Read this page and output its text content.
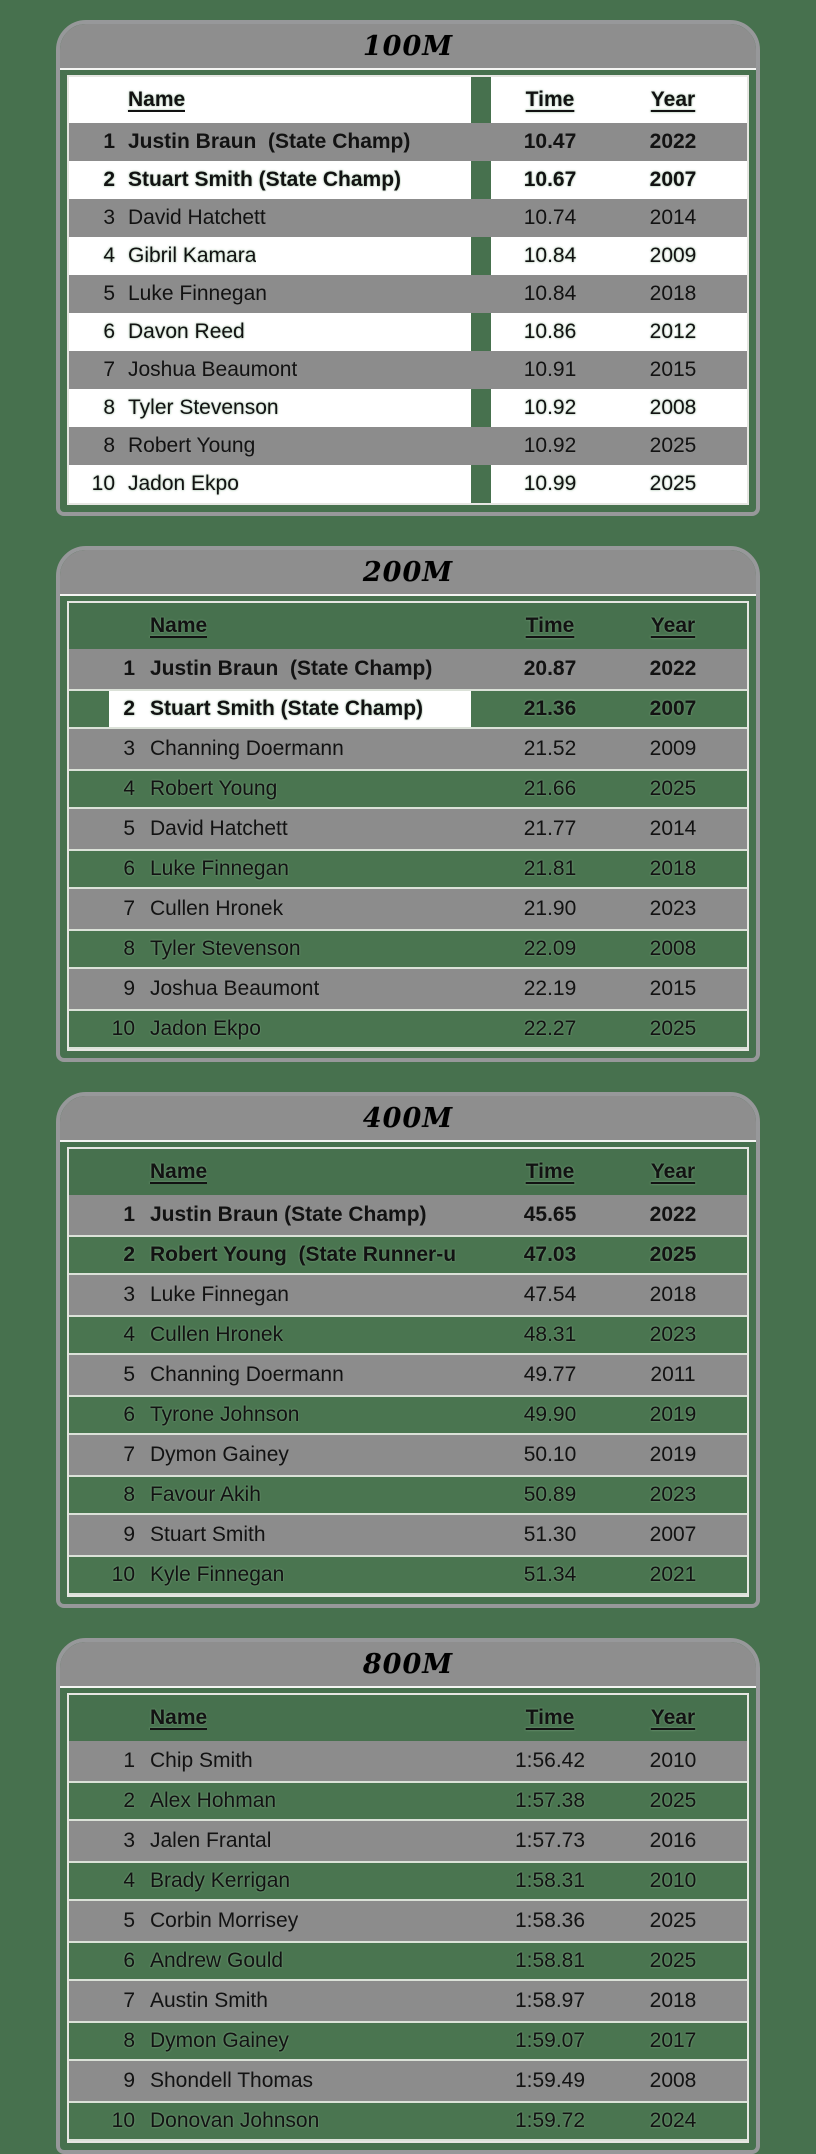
100M
Name	Time	Year
1 Justin Braun  (State Champ)	10.47	2022
2 Stuart Smith (State Champ)	10.67	2007
3 David Hatchett	10.74	2014
4 Gibril Kamara	10.84	2009
5 Luke Finnegan	10.84	2018
6 Davon Reed	10.86	2012
7 Joshua Beaumont	10.91	2015
8 Tyler Stevenson	10.92	2008
8 Robert Young	10.92	2025
10 Jadon Ekpo	10.99	2025
200M
Name	Time	Year
1 Justin Braun  (State Champ)	20.87	2022
2 Stuart Smith (State Champ)	21.36	2007
3 Channing Doermann	21.52	2009
4 Robert Young	21.66	2025
5 David Hatchett	21.77	2014
6 Luke Finnegan	21.81	2018
7 Cullen Hronek	21.90	2023
8 Tyler Stevenson	22.09	2008
9 Joshua Beaumont	22.19	2015
10 Jadon Ekpo	22.27	2025
400M
Name	Time	Year
1 Justin Braun (State Champ)	45.65	2022
2 Robert Young  (State Runner-u	47.03	2025
3 Luke Finnegan	47.54	2018
4 Cullen Hronek	48.31	2023
5 Channing Doermann	49.77	2011
6 Tyrone Johnson	49.90	2019
7 Dymon Gainey	50.10	2019
8 Favour Akih	50.89	2023
9 Stuart Smith	51.30	2007
10 Kyle Finnegan	51.34	2021
800M
Name	Time	Year
1 Chip Smith	1:56.42	2010
2 Alex Hohman	1:57.38	2025
3 Jalen Frantal	1:57.73	2016
4 Brady Kerrigan	1:58.31	2010
5 Corbin Morrisey	1:58.36	2025
6 Andrew Gould	1:58.81	2025
7 Austin Smith	1:58.97	2018
8 Dymon Gainey	1:59.07	2017
9 Shondell Thomas	1:59.49	2008
10 Donovan Johnson	1:59.72	2024
